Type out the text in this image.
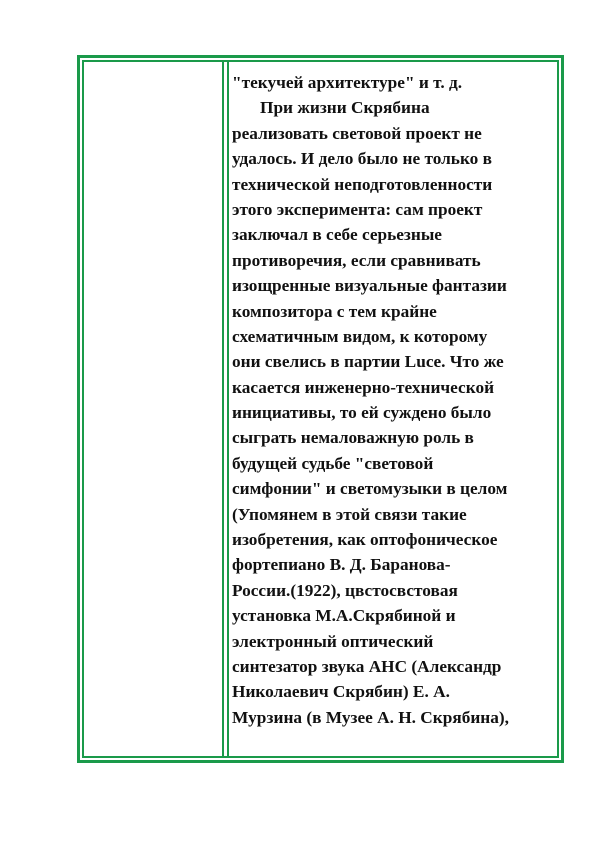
"текучей архитектуре" и т. д.
При жизни Скрябина
реализовать световой проект не
удалось. И дело было не только в
технической неподготовленности
этого эксперимента: сам проект
заключал в себе серьезные
противоречия, если сравнивать
изощренные визуальные фантазии
композитора с тем крайне
схематичным видом, к которому
они свелись в партии Luce. Что же
касается инженерно-технической
инициативы, то ей суждено было
сыграть немаловажную роль в
будущей судьбе "световой
симфонии" и светомузыки в целом
(Упомянем в этой связи такие
изобретения, как оптофоническое
фортепиано В. Д. Баранова-
России.(1922), цвстосвстовая
установка М.А.Скрябиной и
электронный оптический
синтезатор звука АНС (Александр
Николаевич Скрябин) Е. А.
Мурзина (в Музее А. Н. Скрябина),
